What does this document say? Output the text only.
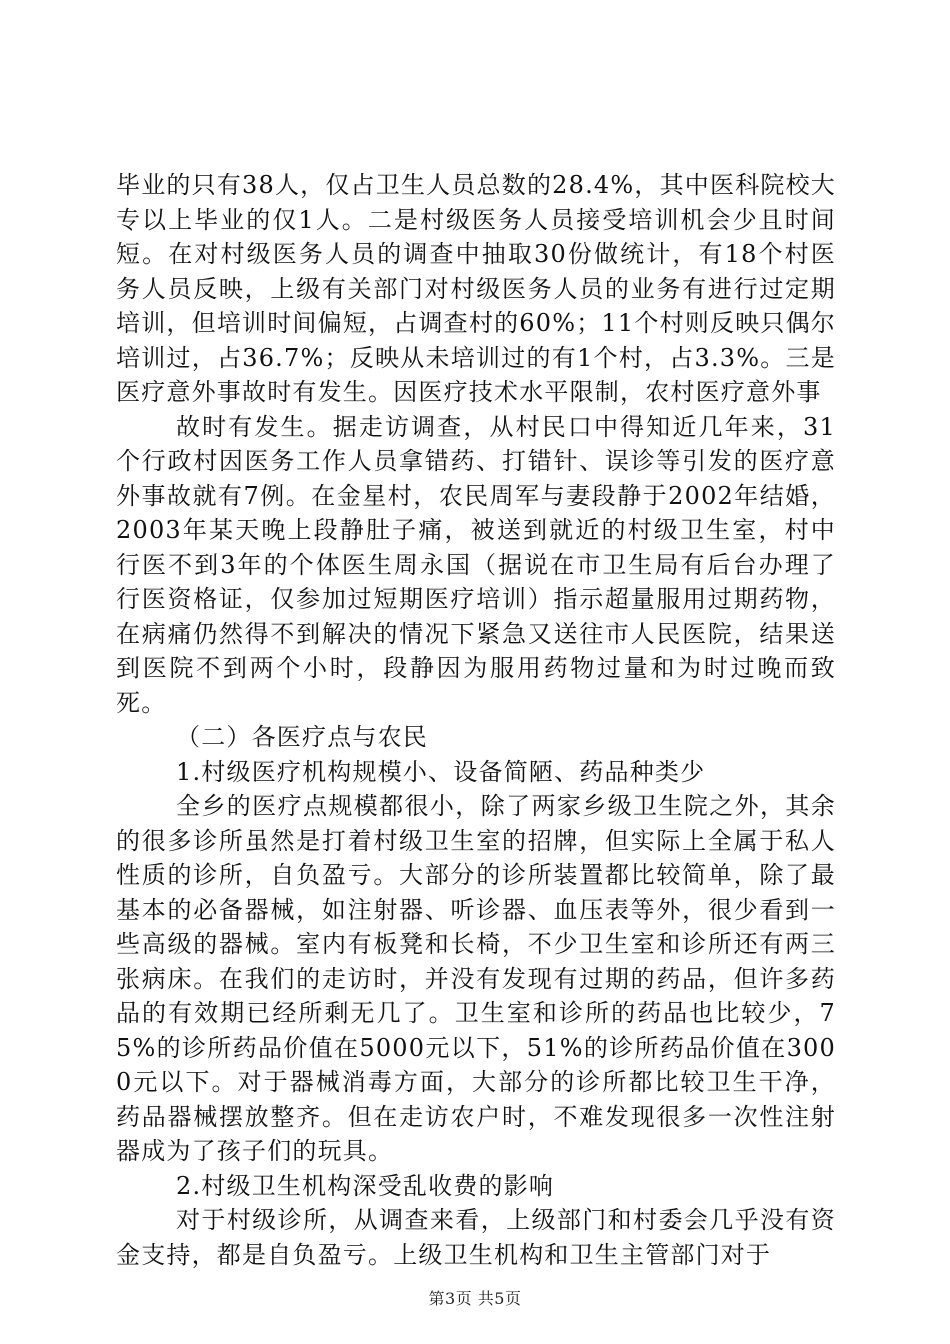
毕业的只有38人，仅占卫生人员总数的28.4%，其中医科院校大专以上毕业的仅1人。二是村级医务人员接受培训机会少且时间短。在对村级医务人员的调查中抽取30份做统计，有18个村医务人员反映，上级有关部门对村级医务人员的业务有进行过定期培训，但培训时间偏短，占调查村的60%；11个村则反映只偶尔培训过，占36.7%；反映从未培训过的有1个村，占3.3%。三是医疗意外事故时有发生。因医疗技术水平限制，农村医疗意外事

故时有发生。据走访调查，从村民口中得知近几年来，31个行政村因医务工作人员拿错药、打错针、误诊等引发的医疗意外事故就有7例。在金星村，农民周军与妻段静于2002年结婚，2003年某天晚上段静肚子痛，被送到就近的村级卫生室，村中行医不到3年的个体医生周永国（据说在市卫生局有后台办理了行医资格证，仅参加过短期医疗培训）指示超量服用过期药物，在病痛仍然得不到解决的情况下紧急又送往市人民医院，结果送到医院不到两个小时，段静因为服用药物过量和为时过晚而致死。

（二）各医疗点与农民

1.村级医疗机构规模小、设备简陋、药品种类少

全乡的医疗点规模都很小，除了两家乡级卫生院之外，其余的很多诊所虽然是打着村级卫生室的招牌，但实际上全属于私人性质的诊所，自负盈亏。大部分的诊所装置都比较简单，除了最基本的必备器械，如注射器、听诊器、血压表等外，很少看到一些高级的器械。室内有板凳和长椅，不少卫生室和诊所还有两三张病床。在我们的走访时，并没有发现有过期的药品，但许多药品的有效期已经所剩无几了。卫生室和诊所的药品也比较少，75%的诊所药品价值在5000元以下，51%的诊所药品价值在3000元以下。对于器械消毒方面，大部分的诊所都比较卫生干净，药品器械摆放整齐。但在走访农户时，不难发现很多一次性注射器成为了孩子们的玩具。

2.村级卫生机构深受乱收费的影响

对于村级诊所，从调查来看，上级部门和村委会几乎没有资金支持，都是自负盈亏。上级卫生机构和卫生主管部门对于

第3页 共5页
